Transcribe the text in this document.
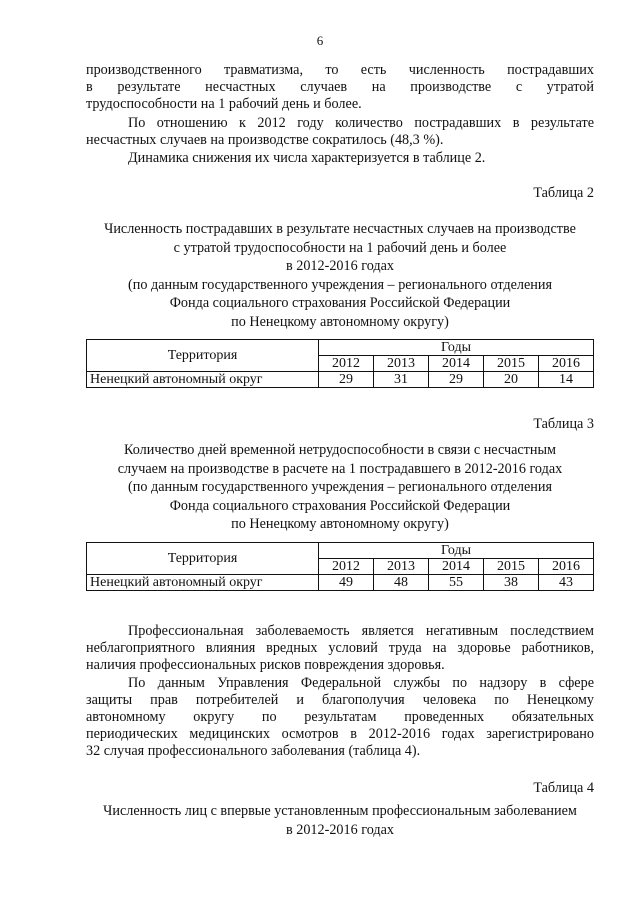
6
производственного травматизма, то есть численность пострадавших
в результате несчастных случаев на производстве с утратой
трудоспособности на 1 рабочий день и более.
По отношению к 2012 году количество пострадавших в результате
несчастных случаев на производстве сократилось (48,3 %).
Динамика снижения их числа характеризуется в таблице 2.
Таблица 2
Численность пострадавших в результате несчастных случаев на производстве
с утратой трудоспособности на 1 рабочий день и более
в 2012-2016 годах
(по данным государственного учреждения – регионального отделения
Фонда социального страхования Российской Федерации
по Ненецкому автономному округу)
Территория	Годы				
	2012	2013	2014	2015	2016
Ненецкий автономный округ	29	31	29	20	14
Таблица 3
Количество дней временной нетрудоспособности в связи с несчастным
случаем на производстве в расчете на 1 пострадавшего в 2012-2016 годах
(по данным государственного учреждения – регионального отделения
Фонда социального страхования Российской Федерации
по Ненецкому автономному округу)
Территория	Годы				
	2012	2013	2014	2015	2016
Ненецкий автономный округ	49	48	55	38	43
Профессиональная заболеваемость является негативным последствием
неблагоприятного влияния вредных условий труда на здоровье работников,
наличия профессиональных рисков повреждения здоровья.
По данным Управления Федеральной службы по надзору в сфере
защиты прав потребителей и благополучия человека по Ненецкому
автономному округу по результатам проведенных обязательных
периодических медицинских осмотров в 2012-2016 годах зарегистрировано
32 случая профессионального заболевания (таблица 4).
Таблица 4
Численность лиц с впервые установленным профессиональным заболеванием
в 2012-2016 годах
